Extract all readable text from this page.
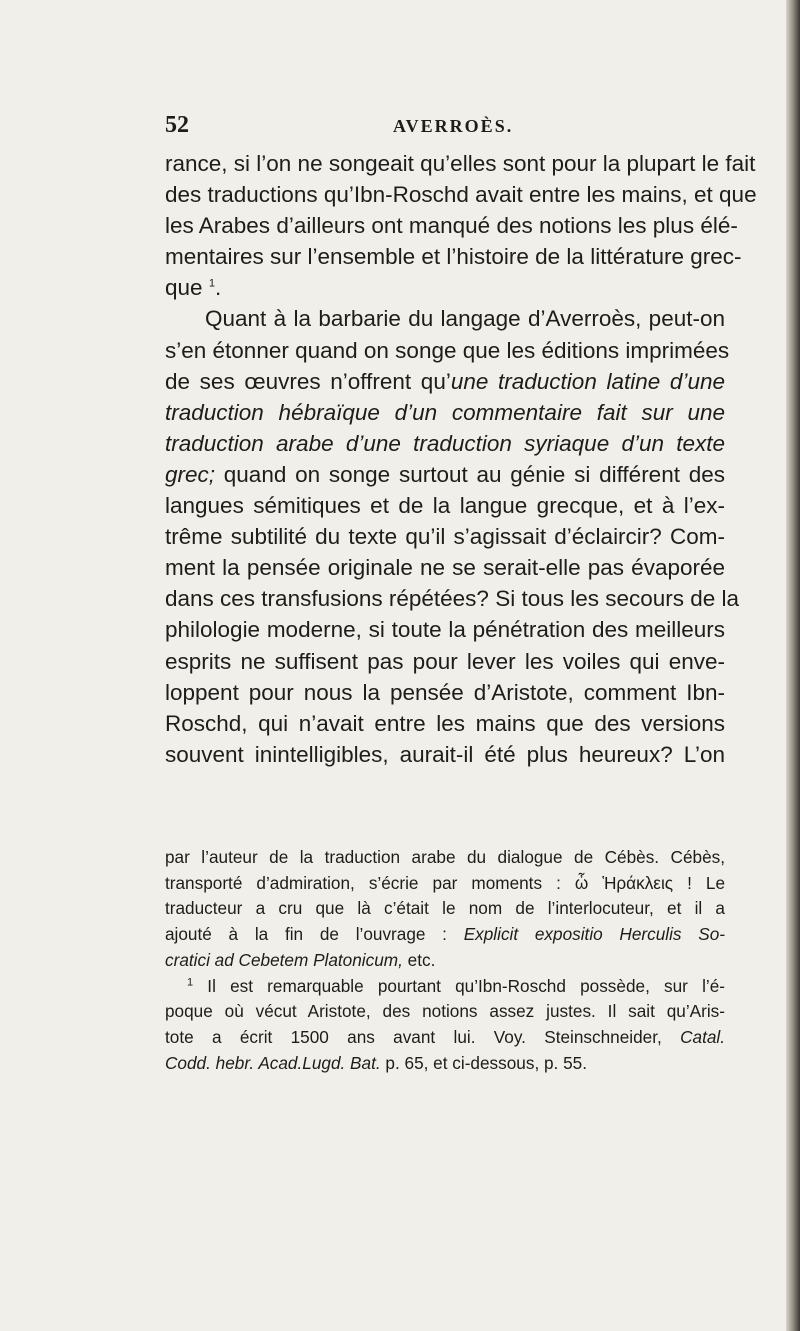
52	AVERROÈS.
rance, si l’on ne songeait qu’elles sont pour la plupart le fait
des traductions qu’Ibn-Roschd avait entre les mains, et que
les Arabes d’ailleurs ont manqué des notions les plus élé-
mentaires sur l’ensemble et l’histoire de la littérature grec-
que $^1$.
Quant à la barbarie du langage d’Averroès, peut-on
s’en étonner quand on songe que les éditions imprimées
de ses œuvres n’offrent qu’une traduction latine d’une
traduction hébraïque d’un commentaire fait sur une
traduction arabe d’une traduction syriaque d’un texte
grec; quand on songe surtout au génie si différent des
langues sémitiques et de la langue grecque, et à l’ex-
trême subtilité du texte qu’il s’agissait d’éclaircir? Com-
ment la pensée originale ne se serait-elle pas évaporée
dans ces transfusions répétées? Si tous les secours de la
philologie moderne, si toute la pénétration des meilleurs
esprits ne suffisent pas pour lever les voiles qui enve-
loppent pour nous la pensée d’Aristote, comment Ibn-
Roschd, qui n’avait entre les mains que des versions
souvent inintelligibles, aurait-il été plus heureux? L’on
par l’auteur de la traduction arabe du dialogue de Cébès. Cébès,
transporté d’admiration, s’écrie par moments : ὦ Ἡράκλεις ! Le
traducteur a cru que là c’était le nom de l’interlocuteur, et il a
ajouté à la fin de l’ouvrage : Explicit expositio Herculis So-
cratici ad Cebetem Platonicum, etc.
$^1$ Il est remarquable pourtant qu’Ibn-Roschd possède, sur l’é-
poque où vécut Aristote, des notions assez justes. Il sait qu’Aris-
tote a écrit 1500 ans avant lui. Voy. Steinschneider, Catal.
Codd. hebr. Acad.Lugd. Bat. p. 65, et ci-dessous, p. 55.
